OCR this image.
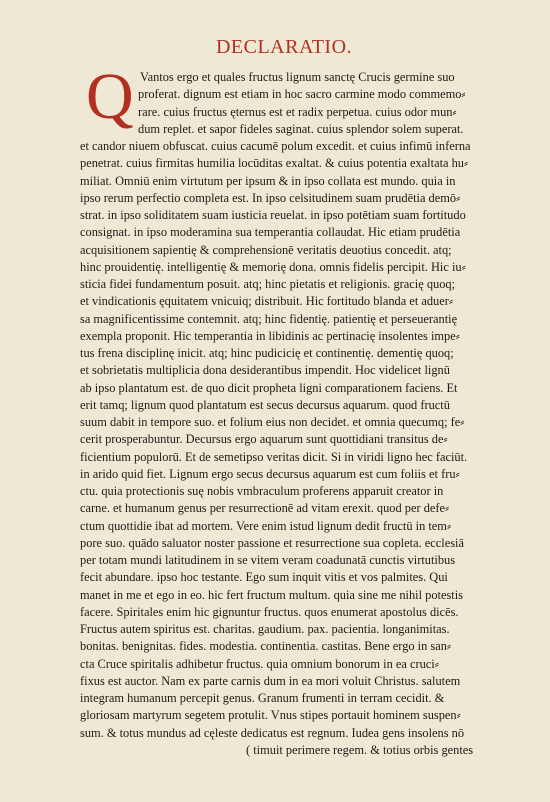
DECLARATIO.
Q Vantos ergo et quales fructus lignum sanctę Crucis germine suo
proferat. dignum est etiam in hoc sacro carmine modo commemo⸗
rare. cuius fructus ęternus est et radix perpetua. cuius odor mun⸗
dum replet. et sapor fideles saginat. cuius splendor solem superat.
et candor niuem obfuscat. cuius cacumē polum excedit. et cuius infimū inferna
penetrat. cuius firmitas humilia locūditas exaltat. & cuius potentia exaltata hu⸗
miliat. Omniū enim virtutum per ipsum & in ipso collata est mundo. quia in
ipso rerum perfectio completa est. In ipso celsitudinem suam prudētia demō⸗
strat. in ipso soliditatem suam iusticia reuelat. in ipso potētiam suam fortitudo
consignat. in ipso moderamina sua temperantia collaudat. Hic etiam prudētia
acquisitionem sapientię & comprehensionē veritatis deuotius concedit. atq;
hinc prouidentię. intelligentię & memorię dona. omnis fidelis percipit. Hic iu⸗
sticia fidei fundamentum posuit. atq; hinc pietatis et religionis. gracię quoq;
et vindicationis ęquitatem vnicuiq; distribuit. Hic fortitudo blanda et aduer⸗
sa magnificentissime contemnit. atq; hinc fidentię. patientię et perseuerantię
exempla proponit. Hic temperantia in libidinis ac pertinacię insolentes impe⸗
tus frena disciplinę inicit. atq; hinc pudicicię et continentię. dementię quoq;
et sobrietatis multiplicia dona desiderantibus impendit. Hoc videlicet lignū
ab ipso plantatum est. de quo dicit propheta ligni comparationem faciens. Et
erit tamq; lignum quod plantatum est secus decursus aquarum. quod fructū
suum dabit in tempore suo. et folium eius non decidet. et omnia quecumq; fe⸗
cerit prosperabuntur. Decursus ergo aquarum sunt quottidiani transitus de⸗
ficientium populorū. Et de semetipso veritas dicit. Si in viridi ligno hec faciūt.
in arido quid fiet. Lignum ergo secus decursus aquarum est cum foliis et fru⸗
ctu. quia protectionis suę nobis vmbraculum proferens apparuit creator in
carne. et humanum genus per resurrectionē ad vitam erexit. quod per defe⸗
ctum quottidie ibat ad mortem. Vere enim istud lignum dedit fructū in tem⸗
pore suo. quādo saluator noster passione et resurrectione sua copleta. ecclesiā
per totam mundi latitudinem in se vitem veram coadunatā cunctis virtutibus
fecit abundare. ipso hoc testante. Ego sum inquit vitis et vos palmites. Qui
manet in me et ego in eo. hic fert fructum multum. quia sine me nihil potestis
facere. Spiritales enim hic gignuntur fructus. quos enumerat apostolus dicēs.
Fructus autem spiritus est. charitas. gaudium. pax. pacientia. longanimitas.
bonitas. benignitas. fides. modestia. continentia. castitas. Bene ergo in san⸗
cta Cruce spiritalis adhibetur fructus. quia omnium bonorum in ea cruci⸗
fixus est auctor. Nam ex parte carnis dum in ea mori voluit Christus. salutem
integram humanum percepit genus. Granum frumenti in terram cecidit. &
gloriosam martyrum segetem protulit. Vnus stipes portauit hominem suspen⸗
sum. & totus mundus ad cęleste dedicatus est regnum. Iudea gens insolens nō
( timuit perimere regem. & totius orbis gentes
